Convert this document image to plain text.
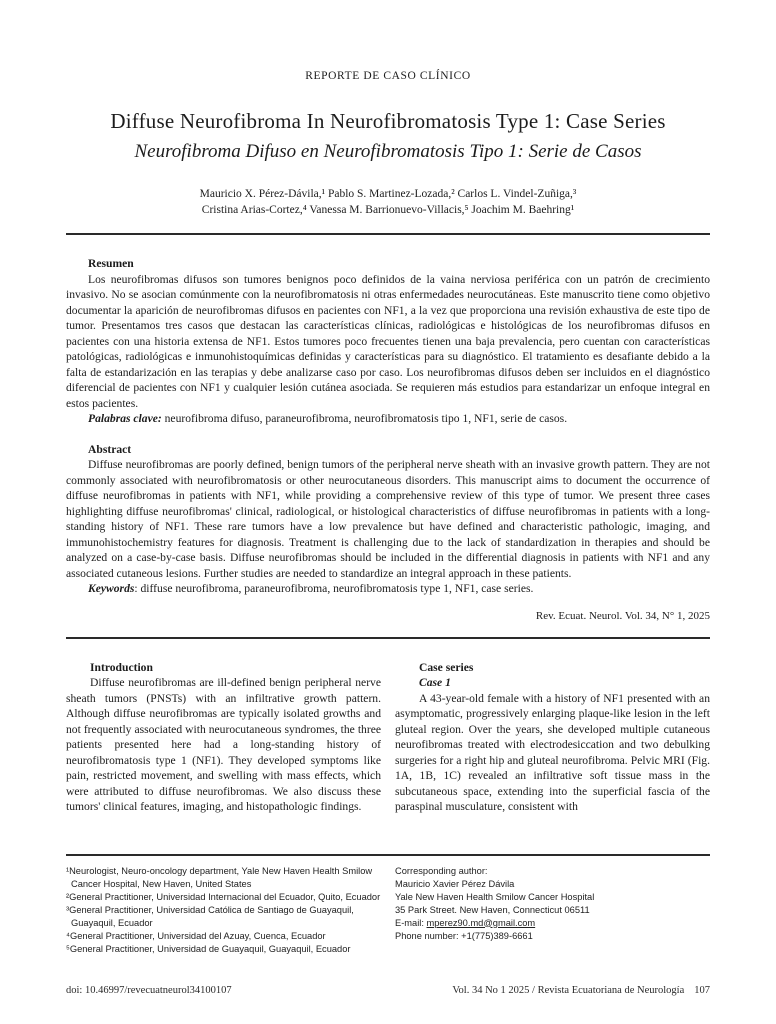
REPORTE DE CASO CLÍNICO
Diffuse Neurofibroma In Neurofibromatosis Type 1: Case Series
Neurofibroma Difuso en Neurofibromatosis Tipo 1: Serie de Casos
Mauricio X. Pérez-Dávila,¹ Pablo S. Martinez-Lozada,² Carlos L. Vindel-Zuñiga,³
Cristina Arias-Cortez,⁴ Vanessa M. Barrionuevo-Villacis,⁵ Joachim M. Baehring¹
Resumen

Los neurofibromas difusos son tumores benignos poco definidos de la vaina nerviosa periférica con un patrón de crecimiento invasivo. No se asocian comúnmente con la neurofibromatosis ni otras enfermedades neurocutáneas. Este manuscrito tiene como objetivo documentar la aparición de neurofibromas difusos en pacientes con NF1, a la vez que proporciona una revisión exhaustiva de este tipo de tumor. Presentamos tres casos que destacan las características clínicas, radiológicas e histológicas de los neurofibromas difusos en pacientes con una historia extensa de NF1. Estos tumores poco frecuentes tienen una baja prevalencia, pero cuentan con características patológicas, radiológicas e inmunohistoquímicas definidas y características para su diagnóstico. El tratamiento es desafiante debido a la falta de estandarización en las terapias y debe analizarse caso por caso. Los neurofibromas difusos deben ser incluidos en el diagnóstico diferencial de pacientes con NF1 y cualquier lesión cutánea asociada. Se requieren más estudios para estandarizar un enfoque integral en estos pacientes.

Palabras clave: neurofibroma difuso, paraneurofibroma, neurofibromatosis tipo 1, NF1, serie de casos.

Abstract

Diffuse neurofibromas are poorly defined, benign tumors of the peripheral nerve sheath with an invasive growth pattern. They are not commonly associated with neurofibromatosis or other neurocutaneous disorders. This manuscript aims to document the occurrence of diffuse neurofibromas in patients with NF1, while providing a comprehensive review of this type of tumor. We present three cases highlighting diffuse neurofibromas' clinical, radiological, or histological characteristics of diffuse neurofibromas in patients with a long-standing history of NF1. These rare tumors have a low prevalence but have defined and characteristic pathologic, imaging, and immunohistochemistry features for diagnosis. Treatment is challenging due to the lack of standardization in therapies and should be analyzed on a case-by-case basis. Diffuse neurofibromas should be included in the differential diagnosis in patients with NF1 and any associated cutaneous lesions. Further studies are needed to standardize an integral approach in these patients.

Keywords: diffuse neurofibroma, paraneurofibroma, neurofibromatosis type 1, NF1, case series.

Rev. Ecuat. Neurol. Vol. 34, N° 1, 2025
Introduction

Diffuse neurofibromas are ill-defined benign peripheral nerve sheath tumors (PNSTs) with an infiltrative growth pattern. Although diffuse neurofibromas are typically isolated growths and not frequently associated with neurocutaneous syndromes, the three patients presented here had a long-standing history of neurofibromatosis type 1 (NF1). They developed symptoms like pain, restricted movement, and swelling with mass effects, which were attributed to diffuse neurofibromas. We also discuss these tumors' clinical features, imaging, and histopathologic findings.

Case series
Case 1

A 43-year-old female with a history of NF1 presented with an asymptomatic, progressively enlarging plaque-like lesion in the left gluteal region. Over the years, she developed multiple cutaneous neurofibromas treated with electrodesiccation and two debulking surgeries for a right hip and gluteal neurofibroma. Pelvic MRI (Fig. 1A, 1B, 1C) revealed an infiltrative soft tissue mass in the subcutaneous space, extending into the superficial fascia of the paraspinal musculature, consistent with

¹Neurologist, Neuro-oncology department, Yale New Haven Health Smilow Cancer Hospital, New Haven, United States
²General Practitioner, Universidad Internacional del Ecuador, Quito, Ecuador
³General Practitioner, Universidad Católica de Santiago de Guayaquil, Guayaquil, Ecuador
⁴General Practitioner, Universidad del Azuay, Cuenca, Ecuador
⁵General Practitioner, Universidad de Guayaquil, Guayaquil, Ecuador
Corresponding author:
Mauricio Xavier Pérez Dávila
Yale New Haven Health Smilow Cancer Hospital
35 Park Street. New Haven, Connecticut 06511
E-mail: mperez90.md@gmail.com
Phone number: +1(775)389-6661
doi: 10.46997/revecuatneurol34100107	Vol. 34 No 1 2025 / Revista Ecuatoriana de Neurología 107
